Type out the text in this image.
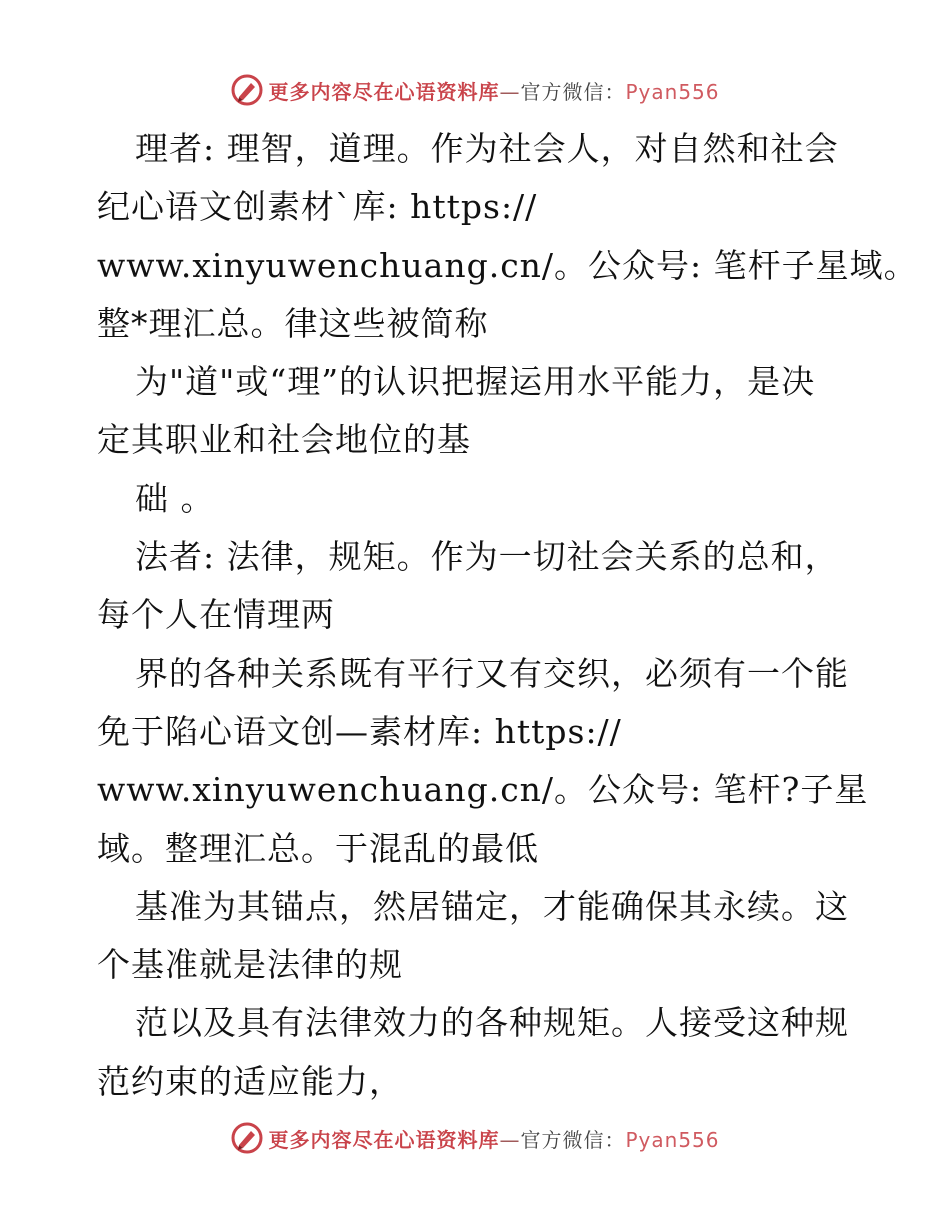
更多内容尽在心语资料库—官方微信：Pyan556
理者: 理智，道理。作为社会人，对自然和社会
纪心语文创素材`库: https://
www.xinyuwenchuang.cn/。公众号: 笔杆子星域。
整*理汇总。律这些被简称
为"道"或“理”的认识把握运用水平能力，是决
定其职业和社会地位的基
础 。
法者: 法律，规矩。作为一切社会关系的总和，
每个人在情理两
界的各种关系既有平行又有交织，必须有一个能
免于陷心语文创—素材库: https://
www.xinyuwenchuang.cn/。公众号: 笔杆?子星
域。整理汇总。于混乱的最低
基准为其锚点，然居锚定，才能确保其永续。这
个基准就是法律的规
范以及具有法律效力的各种规矩。人接受这种规
范约束的适应能力，
更多内容尽在心语资料库—官方微信：Pyan556
